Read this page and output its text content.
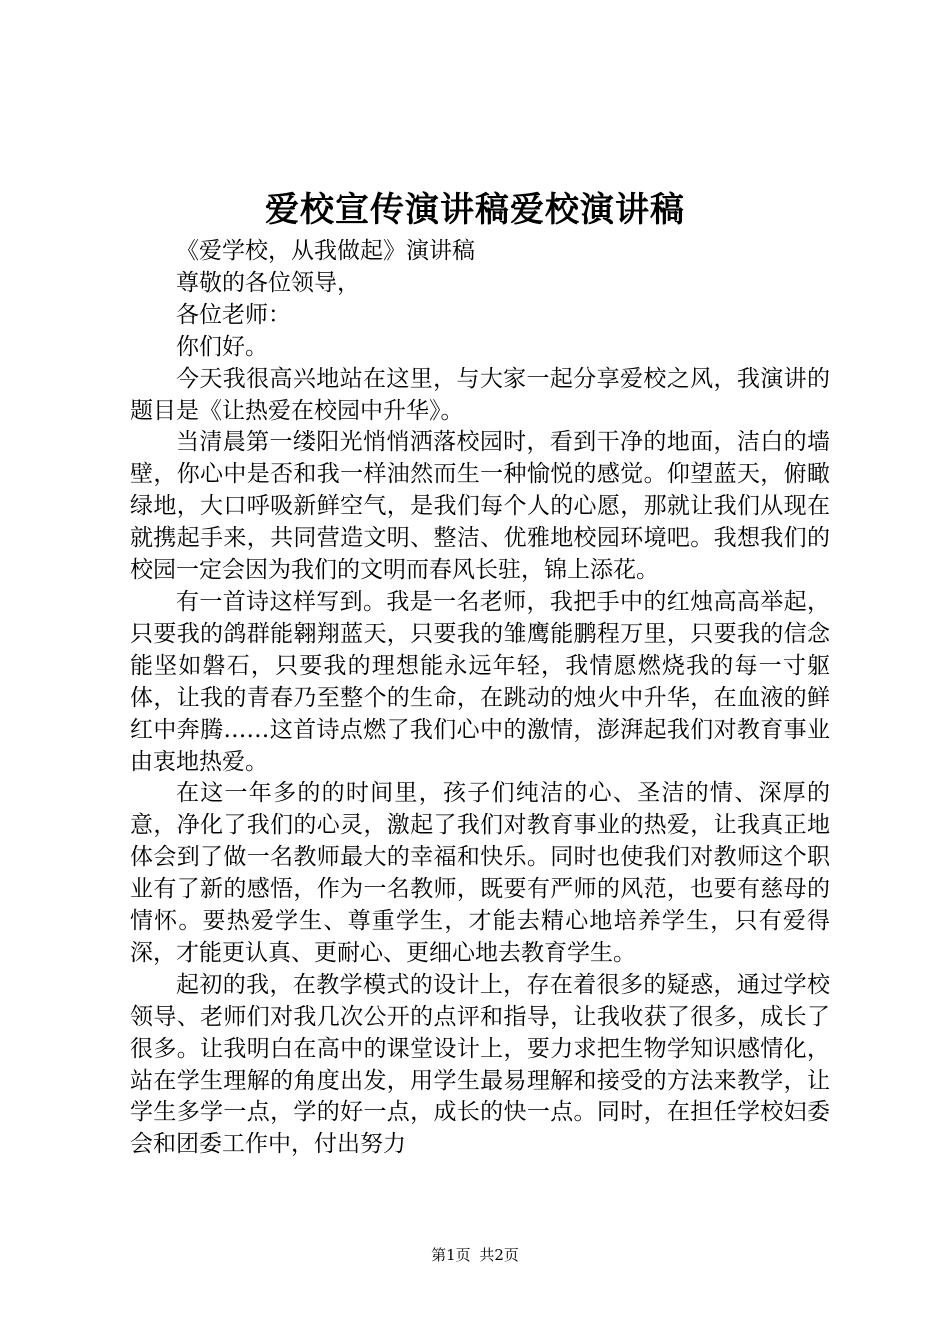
爱校宣传演讲稿爱校演讲稿

《爱学校，从我做起》演讲稿

尊敬的各位领导，

各位老师：

你们好。

今天我很高兴地站在这里，与大家一起分享爱校之风，我演讲的题目是《让热爱在校园中升华》。

当清晨第一缕阳光悄悄洒落校园时，看到干净的地面，洁白的墙壁，你心中是否和我一样油然而生一种愉悦的感觉。仰望蓝天，俯瞰绿地，大口呼吸新鲜空气，是我们每个人的心愿，那就让我们从现在就携起手来，共同营造文明、整洁、优雅地校园环境吧。我想我们的校园一定会因为我们的文明而春风长驻，锦上添花。

有一首诗这样写到。我是一名老师，我把手中的红烛高高举起，只要我的鸽群能翱翔蓝天，只要我的雏鹰能鹏程万里，只要我的信念能坚如磐石，只要我的理想能永远年轻，我情愿燃烧我的每一寸躯体，让我的青春乃至整个的生命，在跳动的烛火中升华，在血液的鲜红中奔腾……这首诗点燃了我们心中的激情，澎湃起我们对教育事业由衷地热爱。

在这一年多的的时间里，孩子们纯洁的心、圣洁的情、深厚的意，净化了我们的心灵，激起了我们对教育事业的热爱，让我真正地体会到了做一名教师最大的幸福和快乐。同时也使我们对教师这个职业有了新的感悟，作为一名教师，既要有严师的风范，也要有慈母的情怀。要热爱学生、尊重学生，才能去精心地培养学生，只有爱得深，才能更认真、更耐心、更细心地去教育学生。

起初的我，在教学模式的设计上，存在着很多的疑惑，通过学校领导、老师们对我几次公开的点评和指导，让我收获了很多，成长了很多。让我明白在高中的课堂设计上，要力求把生物学知识感情化，站在学生理解的角度出发，用学生最易理解和接受的方法来教学，让学生多学一点，学的好一点，成长的快一点。同时，在担任学校妇委会和团委工作中，付出努力

第1页 共2页
